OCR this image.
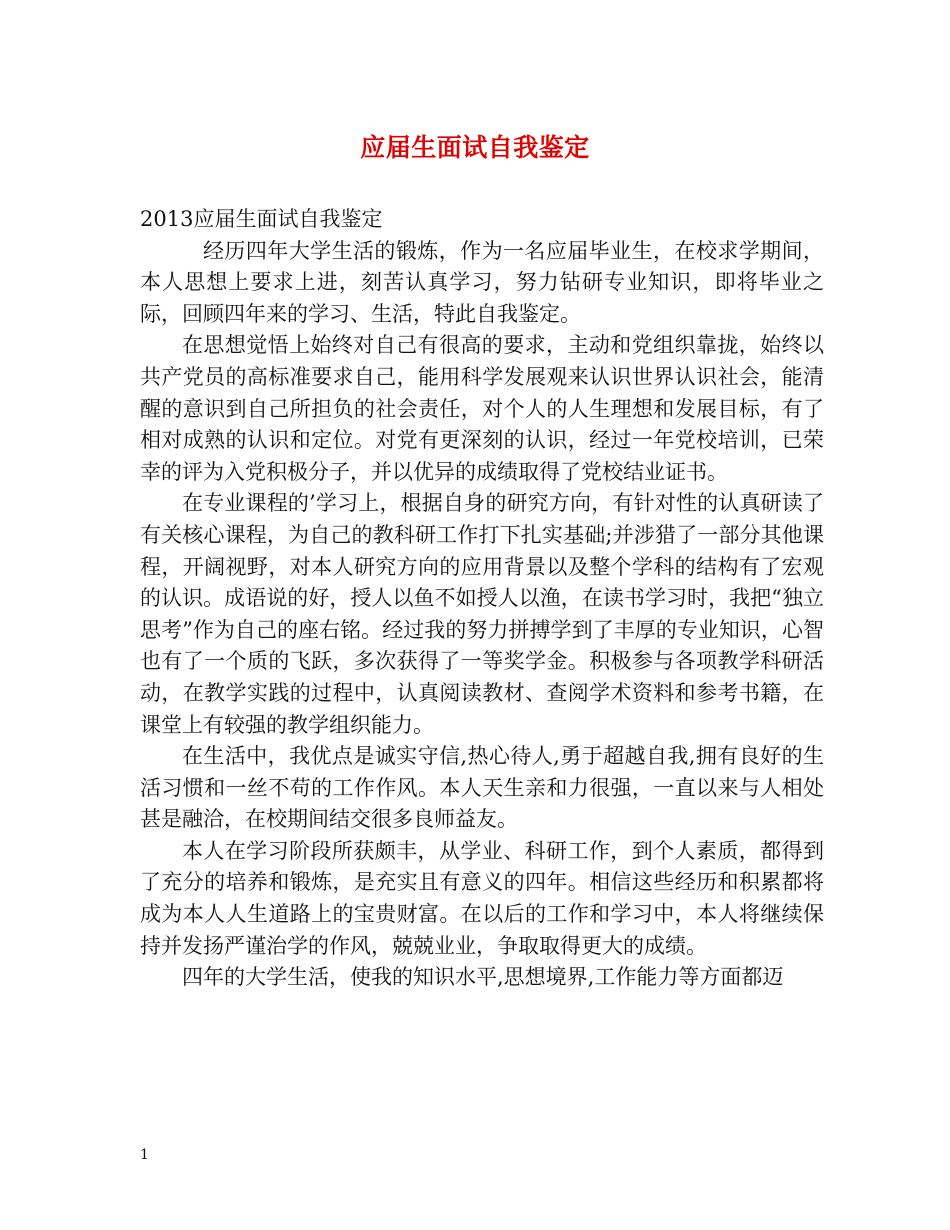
应届生面试自我鉴定

2013应届生面试自我鉴定

经历四年大学生活的锻炼，作为一名应届毕业生，在校求学期间，本人思想上要求上进，刻苦认真学习，努力钻研专业知识，即将毕业之际，回顾四年来的学习、生活，特此自我鉴定。

在思想觉悟上始终对自己有很高的要求，主动和党组织靠拢，始终以共产党员的高标准要求自己，能用科学发展观来认识世界认识社会，能清醒的意识到自己所担负的社会责任，对个人的人生理想和发展目标，有了相对成熟的认识和定位。对党有更深刻的认识，经过一年党校培训，已荣幸的评为入党积极分子，并以优异的成绩取得了党校结业证书。

在专业课程的’学习上，根据自身的研究方向，有针对性的认真研读了有关核心课程，为自己的教科研工作打下扎实基础;并涉猎了一部分其他课程，开阔视野，对本人研究方向的应用背景以及整个学科的结构有了宏观的认识。成语说的好，授人以鱼不如授人以渔，在读书学习时，我把“独立思考”作为自己的座右铭。经过我的努力拼搏学到了丰厚的专业知识，心智也有了一个质的飞跃，多次获得了一等奖学金。积极参与各项教学科研活动，在教学实践的过程中，认真阅读教材、查阅学术资料和参考书籍，在课堂上有较强的教学组织能力。

在生活中，我优点是诚实守信,热心待人,勇于超越自我,拥有良好的生活习惯和一丝不苟的工作作风。本人天生亲和力很强，一直以来与人相处甚是融洽，在校期间结交很多良师益友。

本人在学习阶段所获颇丰，从学业、科研工作，到个人素质，都得到了充分的培养和锻炼，是充实且有意义的四年。相信这些经历和积累都将成为本人人生道路上的宝贵财富。在以后的工作和学习中，本人将继续保持并发扬严谨治学的作风，兢兢业业，争取取得更大的成绩。

四年的大学生活，使我的知识水平,思想境界,工作能力等方面都迈

1
